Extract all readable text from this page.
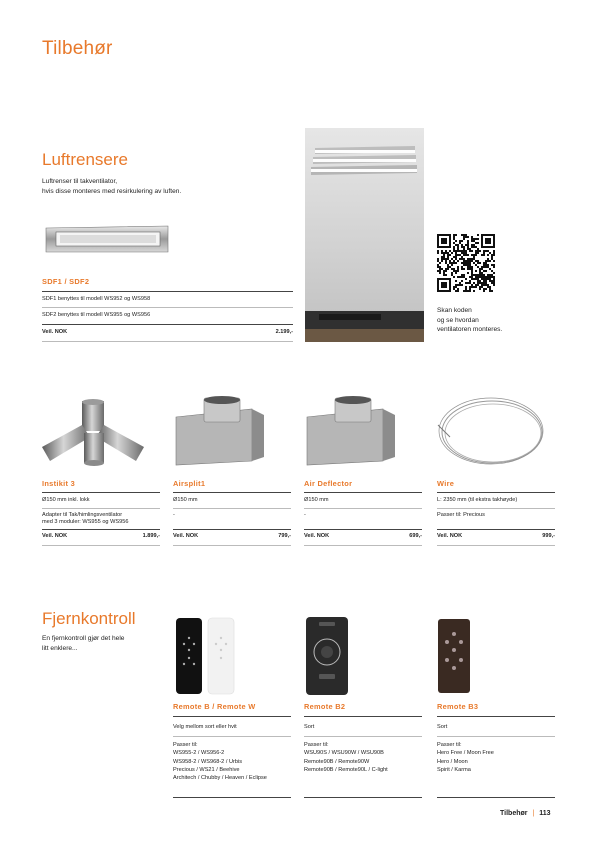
Tilbehør
Luftrensere
Luftrenser til takventilator,
hvis disse monteres med resirkulering av luften.
SDF1 / SDF2
SDF1 benyttes til modell WS952 og WS958
SDF2 benyttes til modell WS955 og WS956
Veil. NOK	2.199,-
Skan koden
og se hvordan
ventilatoren monteres.
Instikit 3
Ø150 mm inkl. lokk
Adapter til Tak/himlingsventilator
med 3 moduler: WS955 og WS956
Veil. NOK	1.899,-
Airsplit1
Ø150 mm
-
Veil. NOK	799,-
Air Deflector
Ø150 mm
-
Veil. NOK	699,-
Wire
L: 2350 mm (til ekstra takhøyde)
Passer til: Precious
Veil. NOK	999,-
Fjernkontroll
En fjernkontroll gjør det hele
litt enklere...
Remote B / Remote W
Velg mellom sort eller hvit
Passer til:
WS955-2 / WS956-2
WS958-2 / WS968-2 / Urbis
Precious / WS21 / Beehive
Architech / Chubby / Heaven / Eclipse
Remote B2
Sort
Passer til:
WSU90S / WSU90W / WSU90B
Remote90B / Remote90W
Remote90B / Remote90L / C-light
Remote B3
Sort
Passer til:
Hero Free / Moon Free
Hero / Moon
Spirit / Karma
Tilbehør | 113
